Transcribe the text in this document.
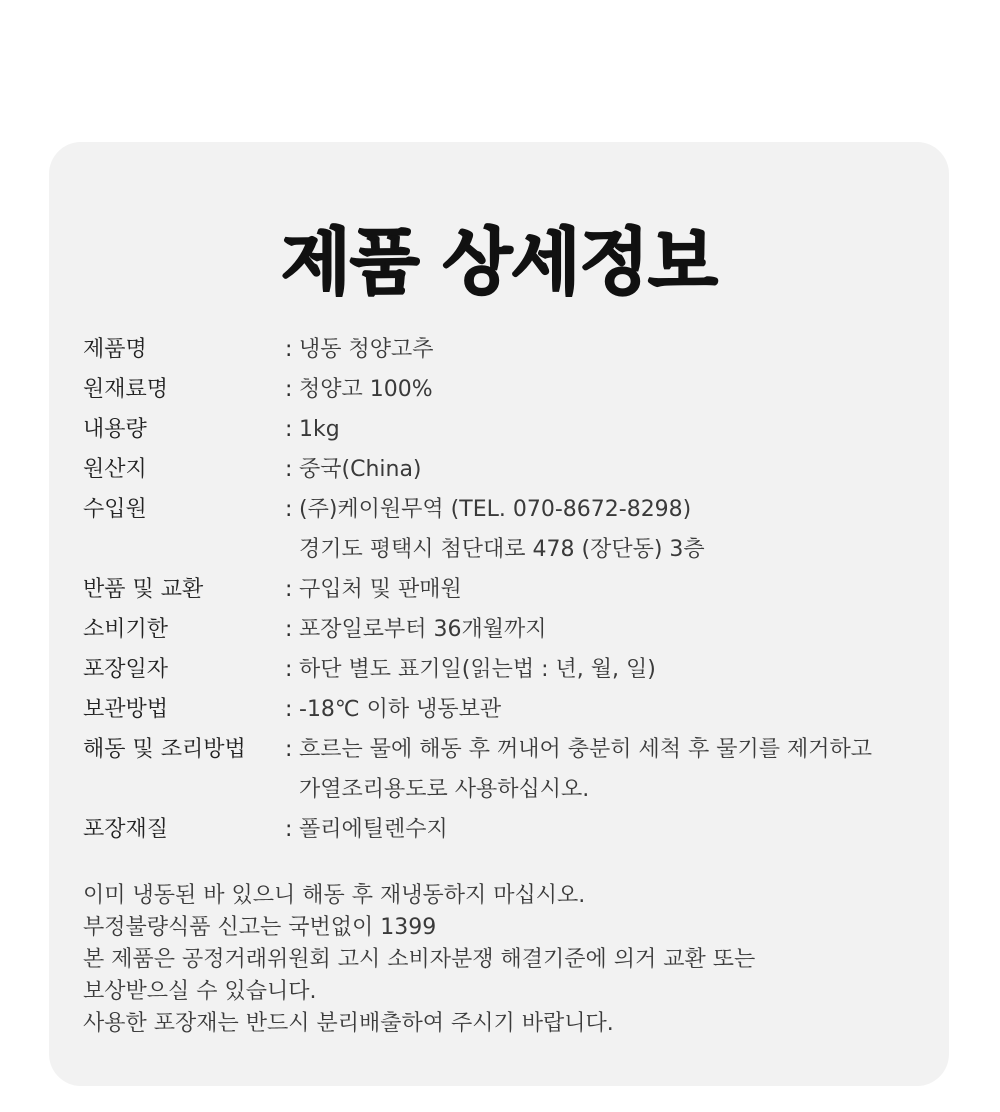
제품 상세정보
제품명	: 냉동 청양고추
원재료명	: 청양고 100%
내용량	: 1kg
원산지	: 중국(China)
수입원	: (주)케이원무역 (TEL. 070-8672-8298)
경기도 평택시 첨단대로 478 (장단동) 3층
반품 및 교환	: 구입처 및 판매원
소비기한	: 포장일로부터 36개월까지
포장일자	: 하단 별도 표기일(읽는법 : 년, 월, 일)
보관방법	: -18℃ 이하 냉동보관
해동 및 조리방법	: 흐르는 물에 해동 후 꺼내어 충분히 세척 후 물기를 제거하고
가열조리용도로 사용하십시오.
포장재질	: 폴리에틸렌수지
이미 냉동된 바 있으니 해동 후 재냉동하지 마십시오.
부정불량식품 신고는 국번없이 1399
본 제품은 공정거래위원회 고시 소비자분쟁 해결기준에 의거 교환 또는
보상받으실 수 있습니다.
사용한 포장재는 반드시 분리배출하여 주시기 바랍니다.
